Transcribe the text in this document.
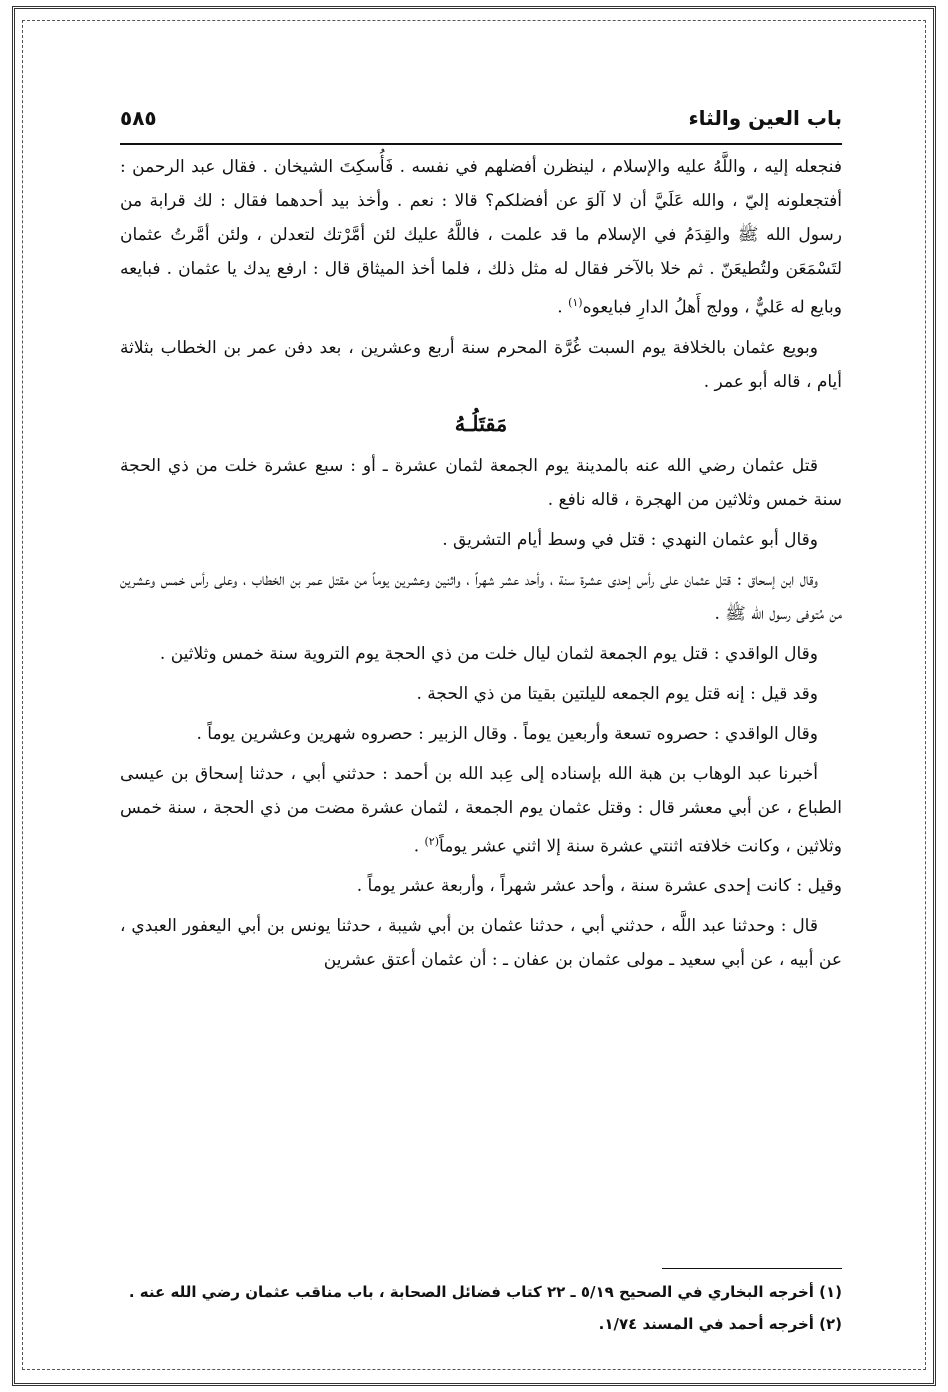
باب العين والثاء
٥٨٥

فنجعله إليه ، واللَّهُ عليه والإسلام ، لينظرن أفضلهم في نفسه . فَأُسكِتَ الشيخان . فقال عبد الرحمن : أفتجعلونه إليّ ، والله عَلَيَّ أن لا آلوَ عن أفضلكم؟ قالا : نعم . وأخذ بيد أحدهما فقال : لك قرابة من رسول الله ﷺ والقِدَمُ في الإسلام ما قد علمت ، فاللَّهُ عليك لئن أمَّرْتك لتعدلن ، ولئن أمَّرتُ عثمان لتَسْمَعَن ولتُطيعَنّ . ثم خلا بالآخر فقال له مثل ذلك ، فلما أخذ الميثاق قال : ارفع يدك يا عثمان . فبايعه وبايع له عَليٌّ ، وولج أَهلُ الدارِ فبايعوه$^{(١)}$ .

وبويع عثمان بالخلافة يوم السبت غُرَّة المحرم سنة أربع وعشرين ، بعد دفن عمر بن الخطاب بثلاثة أيام ، قاله أبو عمر .

مَقتَلُـهُ

قتل عثمان رضي الله عنه بالمدينة يوم الجمعة لثمان عشرة ـ أو : سبع عشرة خلت من ذي الحجة سنة خمس وثلاثين من الهجرة ، قاله نافع .

وقال أبو عثمان النهدي : قتل في وسط أيام التشريق .

وقال ابن إسحاق : قتل عثمان على رأس إحدى عشرة سنة ، وأحد عشر شهراً ، واثنين وعشرين يوماً من مقتل عمر بن الخطاب ، وعلى رأس خمس وعشرين من مُتوفى رسول الله ﷺ .

وقال الواقدي : قتل يوم الجمعة لثمان ليال خلت من ذي الحجة يوم التروية سنة خمس وثلاثين .

وقد قيل : إنه قتل يوم الجمعه لليلتين بقيتا من ذي الحجة .

وقال الواقدي : حصروه تسعة وأربعين يوماً . وقال الزبير : حصروه شهرين وعشرين يوماً .

أخبرنا عبد الوهاب بن هبة الله بإسناده إلى عِبد الله بن أحمد : حدثني أبي ، حدثنا إسحاق بن عيسى الطباع ، عن أبي معشر قال : وقتل عثمان يوم الجمعة ، لثمان عشرة مضت من ذي الحجة ، سنة خمس وثلاثين ، وكانت خلافته اثنتي عشرة سنة إلا اثني عشر يوماً$^{(٢)}$ .

وقيل : كانت إحدى عشرة سنة ، وأحد عشر شهراً ، وأربعة عشر يوماً .

قال : وحدثنا عبد اللَّه ، حدثني أبي ، حدثنا عثمان بن أبي شيبة ، حدثنا يونس بن أبي اليعفور العبدي ، عن أبيه ، عن أبي سعيد ـ مولى عثمان بن عفان ـ : أن عثمان أعتق عشرين

(١) أخرجه البخاري في الصحيح ٥/١٩ ـ ٢٢ كتاب فضائل الصحابة ، باب مناقب عثمان رضي الله عنه .
(٢) أخرجه أحمد في المسند ١/٧٤.
